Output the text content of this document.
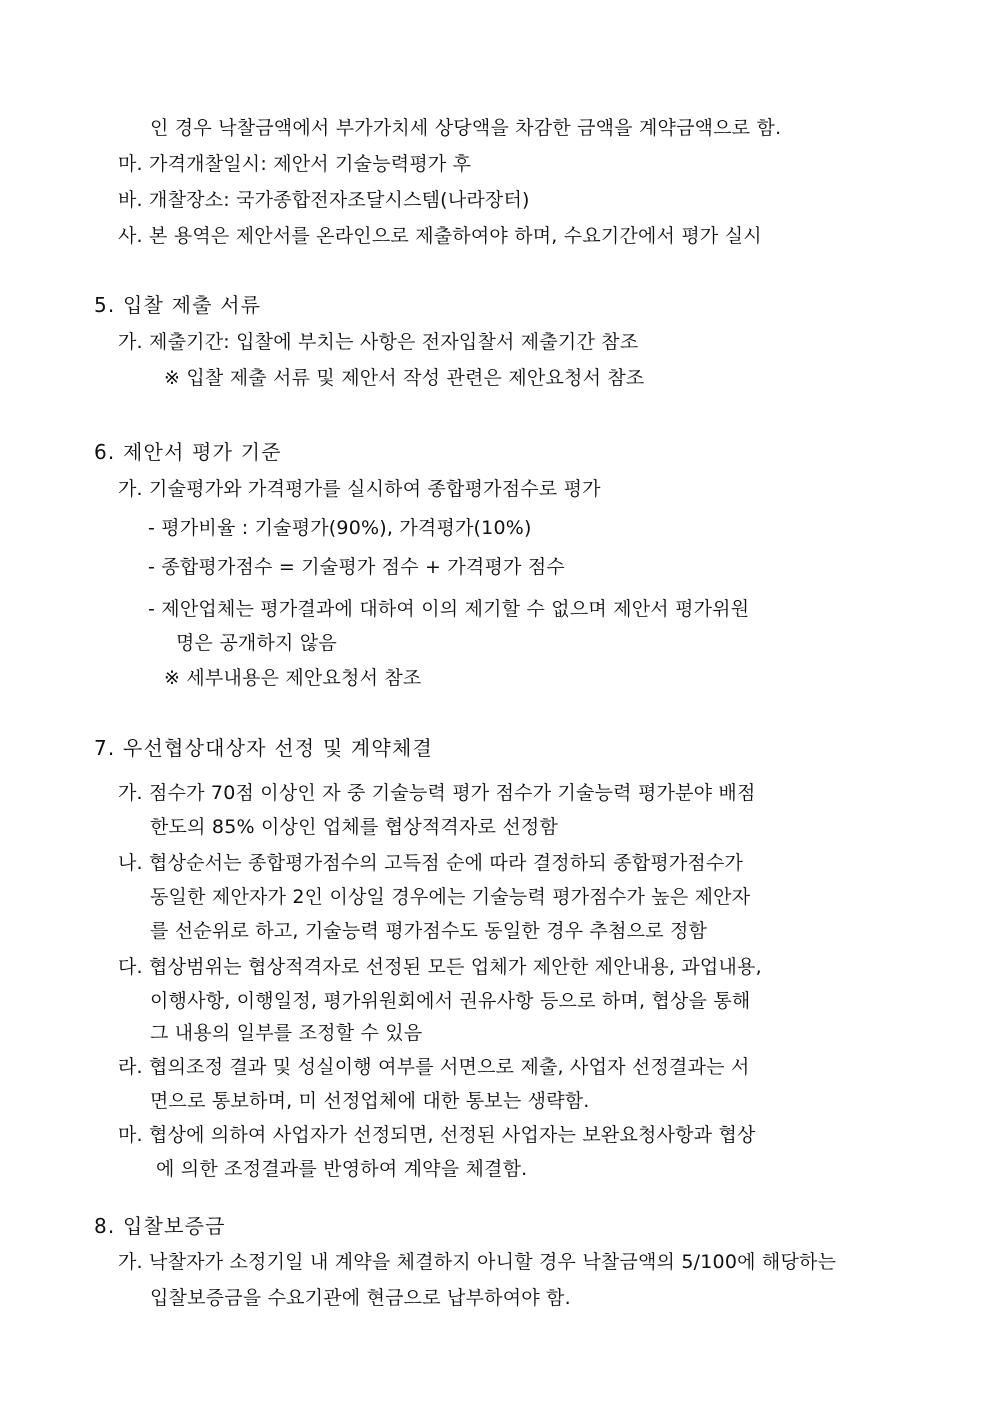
인 경우 낙찰금액에서 부가가치세 상당액을 차감한 금액을 계약금액으로 함.
마. 가격개찰일시: 제안서 기술능력평가 후
바. 개찰장소: 국가종합전자조달시스템(나라장터)
사. 본 용역은 제안서를 온라인으로 제출하여야 하며, 수요기간에서 평가 실시
5. 입찰 제출 서류
가. 제출기간: 입찰에 부치는 사항은 전자입찰서 제출기간 참조
※ 입찰 제출 서류 및 제안서 작성 관련은 제안요청서 참조
6. 제안서 평가 기준
가. 기술평가와 가격평가를 실시하여 종합평가점수로 평가
- 평가비율 : 기술평가(90%), 가격평가(10%)
- 종합평가점수 = 기술평가 점수 + 가격평가 점수
- 제안업체는 평가결과에 대하여 이의 제기할 수 없으며 제안서 평가위원
명은 공개하지 않음
※ 세부내용은 제안요청서 참조
7. 우선협상대상자 선정 및 계약체결
가. 점수가 70점 이상인 자 중 기술능력 평가 점수가 기술능력 평가분야 배점
한도의 85% 이상인 업체를 협상적격자로 선정함
나. 협상순서는 종합평가점수의 고득점 순에 따라 결정하되 종합평가점수가
동일한 제안자가 2인 이상일 경우에는 기술능력 평가점수가 높은 제안자
를 선순위로 하고, 기술능력 평가점수도 동일한 경우 추첨으로 정함
다. 협상범위는 협상적격자로 선정된 모든 업체가 제안한 제안내용, 과업내용,
이행사항, 이행일정, 평가위원회에서 권유사항 등으로 하며, 협상을 통해
그 내용의 일부를 조정할 수 있음
라. 협의조정 결과 및 성실이행 여부를 서면으로 제출, 사업자 선정결과는 서
면으로 통보하며, 미 선정업체에 대한 통보는 생략함.
마. 협상에 의하여 사업자가 선정되면, 선정된 사업자는 보완요청사항과 협상
에 의한 조정결과를 반영하여 계약을 체결함.
8. 입찰보증금
가. 낙찰자가 소정기일 내 계약을 체결하지 아니할 경우 낙찰금액의 5/100에 해당하는
입찰보증금을 수요기관에 현금으로 납부하여야 함.
